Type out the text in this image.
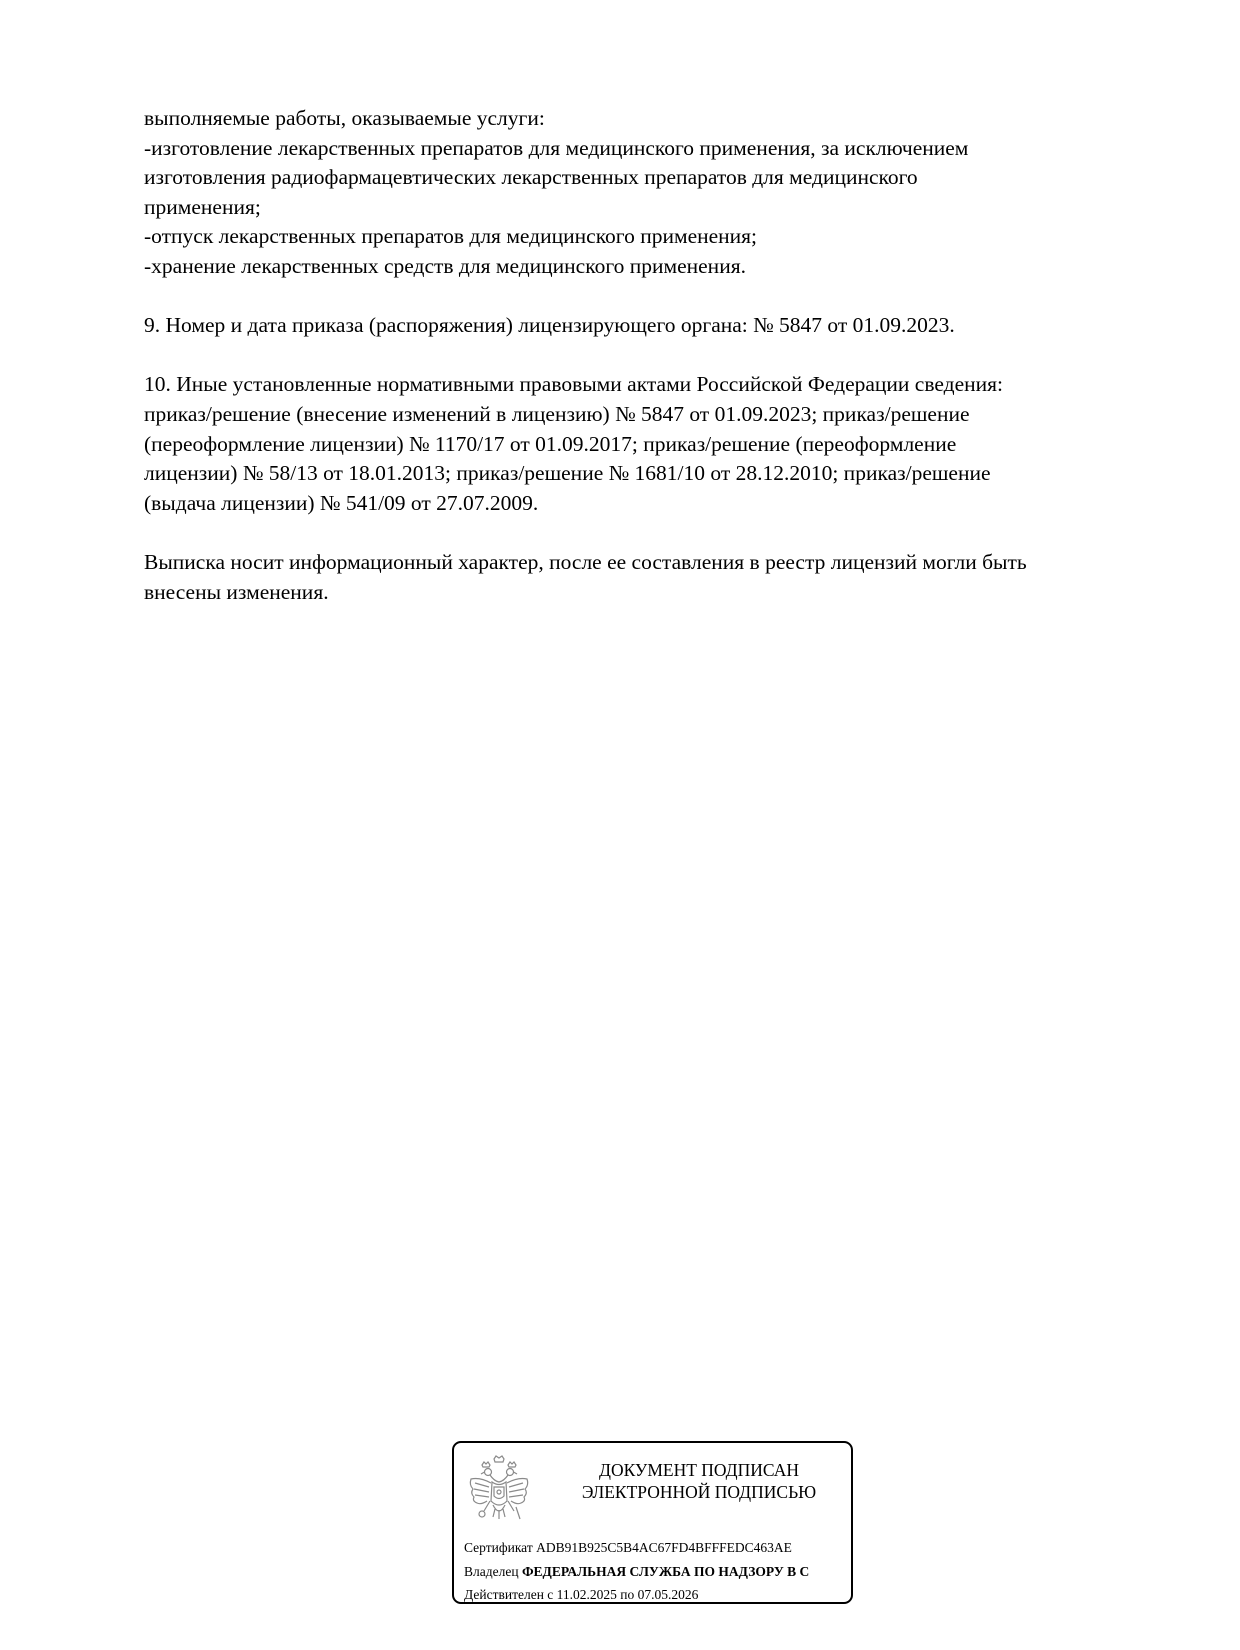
выполняемые работы, оказываемые услуги:
-изготовление лекарственных препаратов для медицинского применения, за исключением
изготовления радиофармацевтических лекарственных препаратов для медицинского
применения;
-отпуск лекарственных препаратов для медицинского применения;
-хранение лекарственных средств для медицинского применения.
9. Номер и дата приказа (распоряжения) лицензирующего органа: № 5847 от 01.09.2023.
10. Иные установленные нормативными правовыми актами Российской Федерации сведения:
приказ/решение (внесение изменений в лицензию) № 5847 от 01.09.2023; приказ/решение
(переоформление лицензии) № 1170/17 от 01.09.2017; приказ/решение (переоформление
лицензии) № 58/13 от 18.01.2013; приказ/решение № 1681/10 от 28.12.2010; приказ/решение
(выдача лицензии) № 541/09 от 27.07.2009.
Выписка носит информационный характер, после ее составления в реестр лицензий могли быть
внесены изменения.
ДОКУМЕНТ ПОДПИСАН
ЭЛЕКТРОННОЙ ПОДПИСЬЮ
Сертификат ADB91B925C5B4AC67FD4BFFFEDC463AE
Владелец ФЕДЕРАЛЬНАЯ СЛУЖБА ПО НАДЗОРУ В С
Действителен с 11.02.2025 по 07.05.2026
